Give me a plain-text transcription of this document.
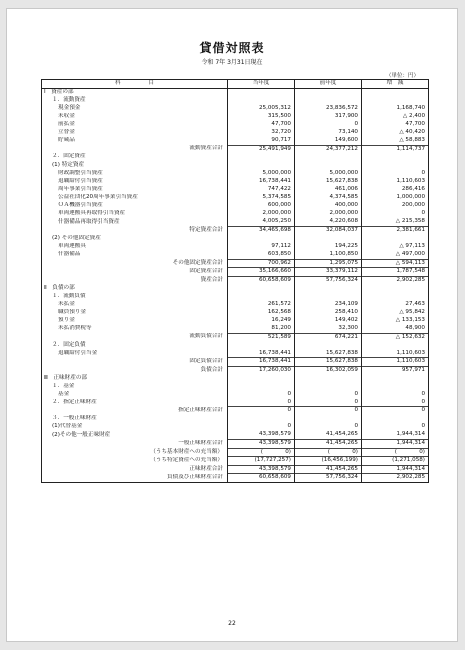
貸借対照表
令和 7年 3月31日現在
（単位：円）
科　　　　　目	当年度	前年度	増　減
Ⅰ　資産の部			
１．流動資産			
現金預金	25,005,312	23,836,572	1,168,740
未収金	315,500	317,900	△ 2,400
前払金	47,700	0	47,700
立替金	32,720	73,140	△ 40,420
貯蔵品	90,717	149,600	△ 58,883
流動資産合計	25,491,949	24,377,212	1,114,737
２．固定資産			
(1) 特定資産			
財政調整引当資産	5,000,000	5,000,000	0
退職給付引当資産	16,738,441	15,627,838	1,110,603
周年事業引当資産	747,422	461,006	286,416
公益社団化20周年事業引当資産	5,374,585	4,374,585	1,000,000
ＯＡ機器引当資産	600,000	400,000	200,000
車両運搬具再取得引当資産	2,000,000	2,000,000	0
什器備品再取得引当資産	4,005,250	4,220,608	△ 215,358
特定資産合計	34,465,698	32,084,037	2,381,661
(2) その他固定資産			
車両運搬具	97,112	194,225	△ 97,113
什器備品	603,850	1,100,850	△ 497,000
その他固定資産合計	700,962	1,295,075	△ 594,113
固定資産合計	35,166,660	33,379,112	1,787,548
資産合計	60,658,609	57,756,324	2,902,285
Ⅱ　負債の部			
１．流動負債			
未払金	261,572	234,109	27,463
職員預り金	162,568	258,410	△ 95,842
預り金	16,249	149,402	△ 133,153
未払消費税等	81,200	32,300	48,900
流動負債合計	521,589	674,221	△ 152,632
２．固定負債			
退職給付引当金	16,738,441	15,627,838	1,110,603
固定負債合計	16,738,441	15,627,838	1,110,603
負債合計	17,260,030	16,302,059	957,971
Ⅲ　正味財産の部			
１．基金			
基金	0	0	0
２．指定正味財産	0	0	0
指定正味財産合計	0	0	0
３．一般正味財産			
(1)代替基金	0	0	0
(2)その他一般正味財産	43,398,579	41,454,265	1,944,314
一般正味財産合計	43,398,579	41,454,265	1,944,314
（うち基本財産への充当額）	(　　　　0)	(　　　　0)	(　　　　0)
（うち特定資産への充当額）	(17,727,257)	(16,456,199)	(1,271,058)
正味財産合計	43,398,579	41,454,265	1,944,314
負債及び正味財産合計	60,658,609	57,756,324	2,902,285
22
